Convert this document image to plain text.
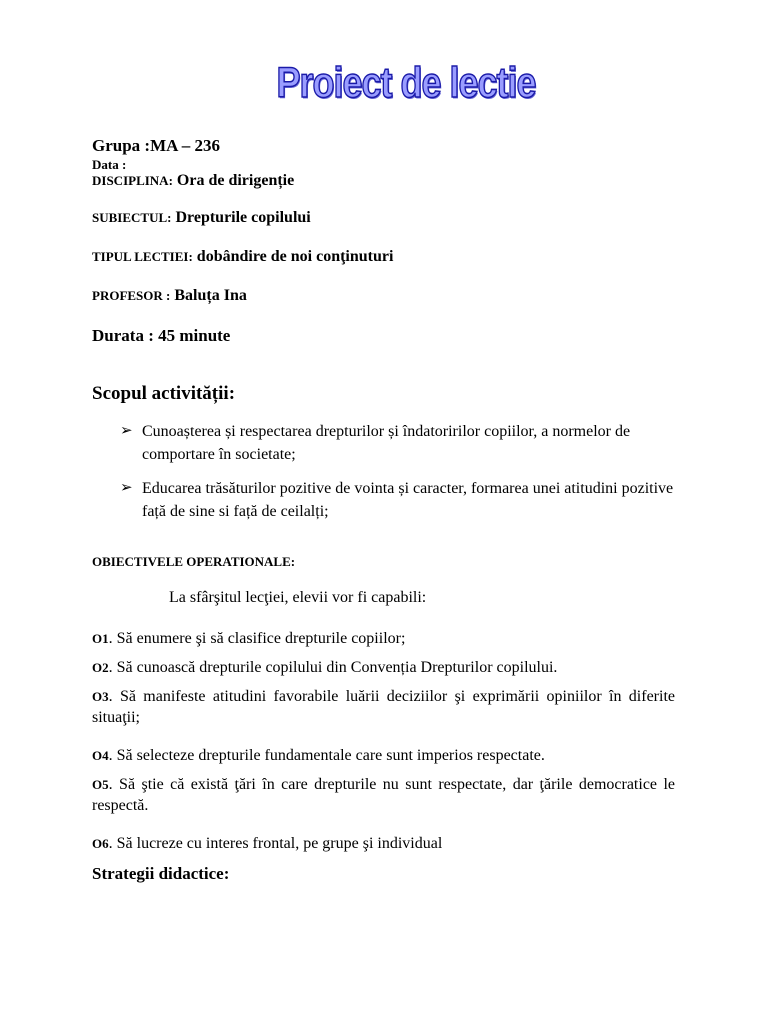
Proiect de lectie
Grupa :MA – 236
Data :
DISCIPLINA: Ora de dirigenție
SUBIECTUL: Drepturile copilului
TIPUL LECTIEI: dobândire de noi conţinuturi
PROFESOR : Baluța Ina
Durata : 45 minute
Scopul activității:
➢ Cunoașterea și respectarea drepturilor și îndatoririlor copiilor, a normelor de comportare în societate;
➢ Educarea trăsăturilor pozitive de vointa și caracter, formarea unei atitudini pozitive față de sine si față de ceilalți;
OBIECTIVELE OPERATIONALE:
La sfârşitul lecţiei, elevii vor fi capabili:
O1. Să enumere şi să clasifice drepturile copiilor;
O2. Să cunoască drepturile copilului din Convenția Drepturilor copilului.
O3. Să manifeste atitudini favorabile luării deciziilor şi exprimării opiniilor în diferite situaţii;
O4. Să selecteze drepturile fundamentale care sunt imperios respectate.
O5. Să ştie că există ţări în care drepturile nu sunt respectate, dar ţările democratice le respectă.
O6. Să lucreze cu interes frontal, pe grupe şi individual
Strategii didactice:
